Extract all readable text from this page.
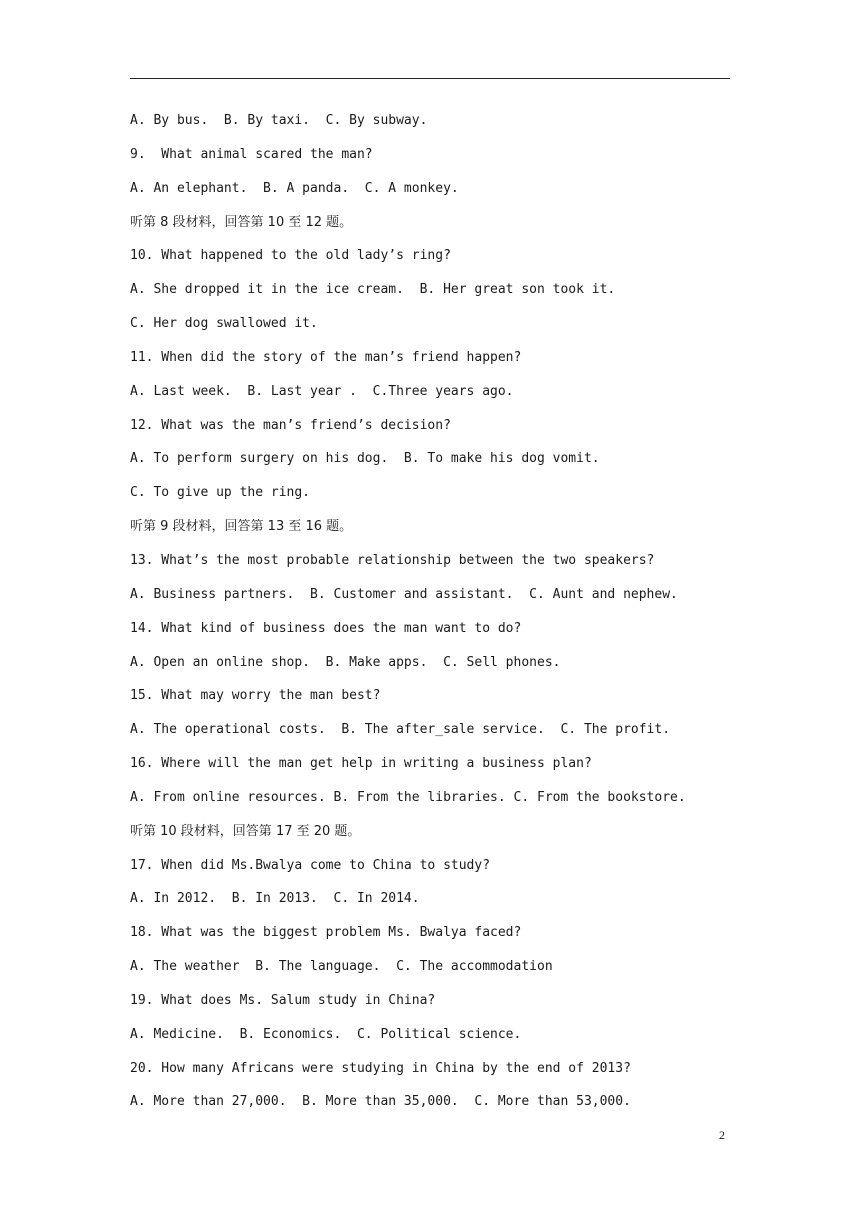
A. By bus.  B. By taxi.  C. By subway.
9.  What animal scared the man?
A. An elephant.  B. A panda.  C. A monkey.
听第 8 段材料，回答第 10 至 12 题。
10. What happened to the old lady’s ring?
A. She dropped it in the ice cream.  B. Her great son took it.
C. Her dog swallowed it.
11. When did the story of the man’s friend happen?
A. Last week.  B. Last year .  C.Three years ago.
12. What was the man’s friend’s decision?
A. To perform surgery on his dog.  B. To make his dog vomit.
C. To give up the ring.
听第 9 段材料，回答第 13 至 16 题。
13. What’s the most probable relationship between the two speakers?
A. Business partners.  B. Customer and assistant.  C. Aunt and nephew.
14. What kind of business does the man want to do?
A. Open an online shop.  B. Make apps.  C. Sell phones.
15. What may worry the man best?
A. The operational costs.  B. The after_sale service.  C. The profit.
16. Where will the man get help in writing a business plan?
A. From online resources. B. From the libraries. C. From the bookstore.
听第 10 段材料，回答第 17 至 20 题。
17. When did Ms.Bwalya come to China to study?
A. In 2012.  B. In 2013.  C. In 2014.
18. What was the biggest problem Ms. Bwalya faced?
A. The weather  B. The language.  C. The accommodation
19. What does Ms. Salum study in China?
A. Medicine.  B. Economics.  C. Political science.
20. How many Africans were studying in China by the end of 2013?
A. More than 27,000.  B. More than 35,000.  C. More than 53,000.
2
